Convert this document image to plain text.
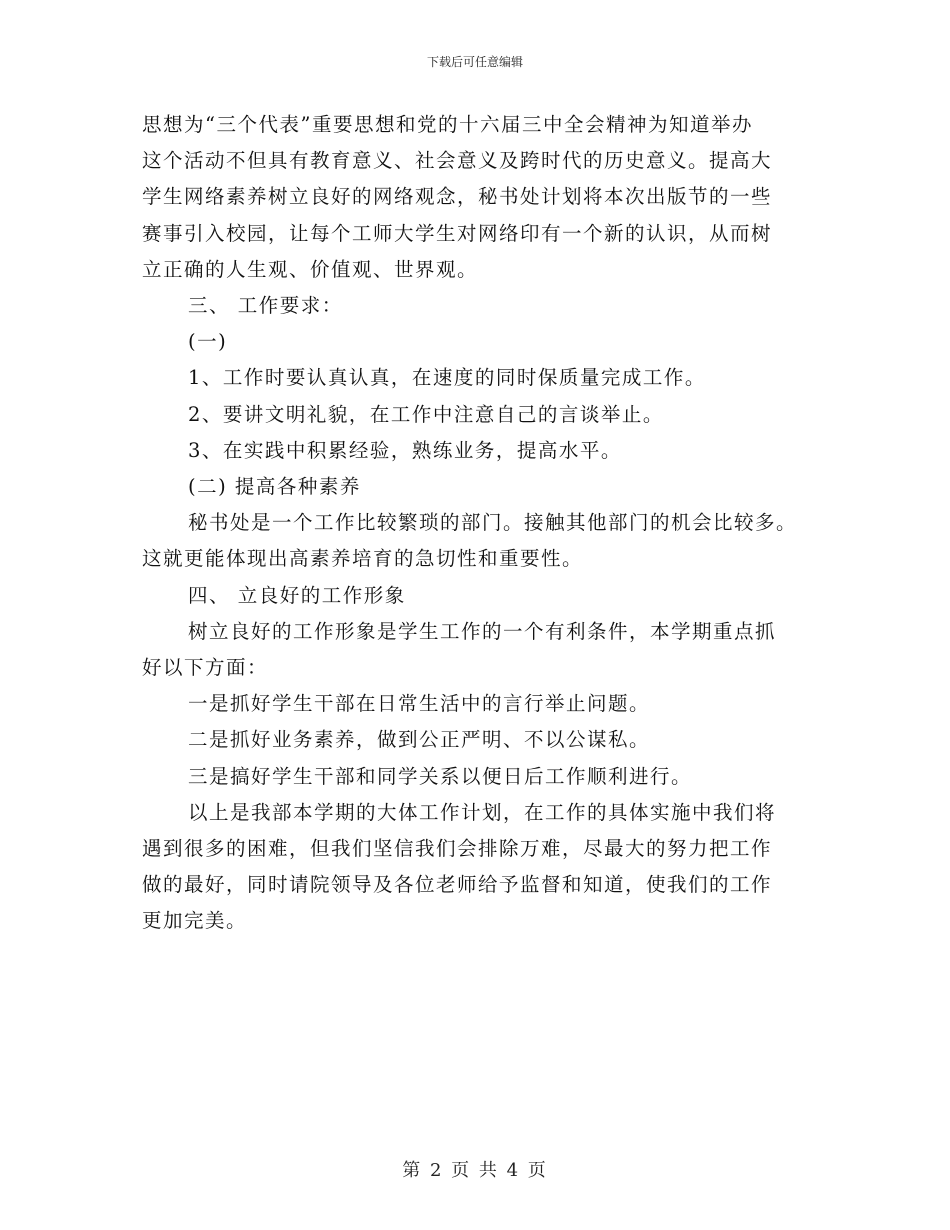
下载后可任意编辑

思想为“三个代表”重要思想和党的十六届三中全会精神为知道举办

这个活动不但具有教育意义、社会意义及跨时代的历史意义。提高大

学生网络素养树立良好的网络观念，秘书处计划将本次出版节的一些

赛事引入校园，让每个工师大学生对网络印有一个新的认识，从而树

立正确的人生观、价值观、世界观。

三、 工作要求：

(一)

1、工作时要认真认真，在速度的同时保质量完成工作。

2、要讲文明礼貌，在工作中注意自己的言谈举止。

3、在实践中积累经验，熟练业务，提高水平。

(二) 提高各种素养

秘书处是一个工作比较繁琐的部门。接触其他部门的机会比较多。

这就更能体现出高素养培育的急切性和重要性。

四、 立良好的工作形象

树立良好的工作形象是学生工作的一个有利条件，本学期重点抓

好以下方面：

一是抓好学生干部在日常生活中的言行举止问题。

二是抓好业务素养，做到公正严明、不以公谋私。

三是搞好学生干部和同学关系以便日后工作顺利进行。

以上是我部本学期的大体工作计划，在工作的具体实施中我们将

遇到很多的困难，但我们坚信我们会排除万难，尽最大的努力把工作

做的最好，同时请院领导及各位老师给予监督和知道，使我们的工作

更加完美。

第 2 页 共 4 页
